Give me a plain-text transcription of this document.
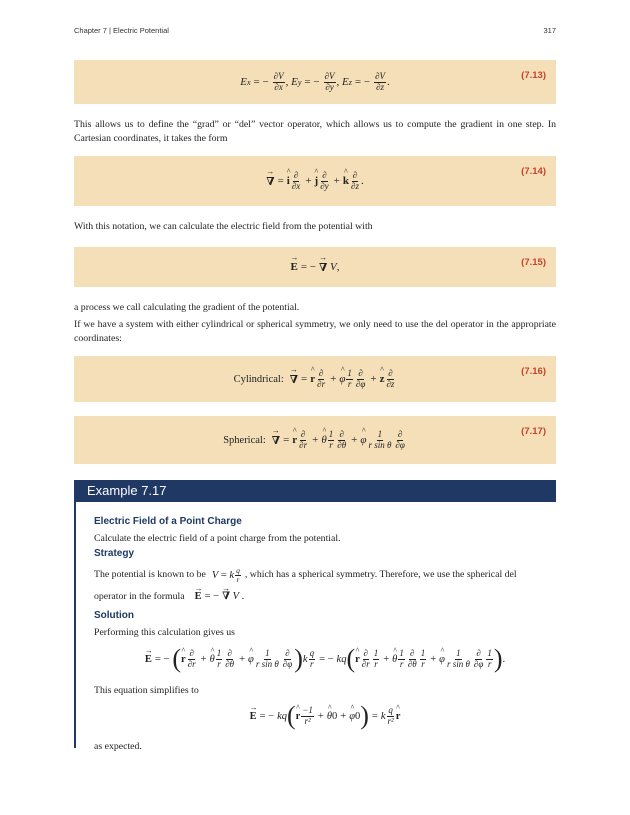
Chapter 7 | Electric Potential	317
E x = − $\frac{\partial V}{\partial x}$ , E y = − $\frac{\partial V}{\partial y}$ , E z = − $\frac{\partial V}{\partial z}$ .
(7.13)
This allows us to define the “grad” or “del” vector operator, which allows us to compute the gradient in one step. In Cartesian coordinates, it takes the form
→ ∇ = ^ i $\frac{\partial}{\partial x}$ + ^ j $\frac{\partial}{\partial y}$ + ^ k $\frac{\partial}{\partial z}$ .
(7.14)
With this notation, we can calculate the electric field from the potential with
→ E = − → ∇
V ,	(7.15)
a process we call calculating the gradient of the potential.
If we have a system with either cylindrical or spherical symmetry, we only need to use the del operator in the appropriate coordinates:
Cylindrical: → ∇ = ^ r $\frac{\partial}{\partial r}$ + ^ φ $\frac{1}{r} \frac{\partial}{\partial\varphi}$ + ^ z $\frac{\partial}{\partial z}$	(7.16)
Spherical: → ∇ = ^ r $\frac{\partial}{\partial r}$ + ^ θ $\frac{1}{r} \frac{\partial}{\partial\theta}$ + ^ φ $\frac{1}{\text{r sin θ}} \frac{\partial}{\partial\varphi}$	(7.17)
Example 7.17
Electric Field of a Point Charge
Calculate the electric field of a point charge from the potential.
Strategy
The potential is known to be V = k $\frac{q}{r}$ , which has a spherical symmetry. Therefore, we use the spherical del
operator in the formula → E = − → ∇ V .
Solution
Performing this calculation gives us
→ E = − ( ^ r $\frac{\partial}{\partial r}$ + ^ θ $\frac{1}{r} \frac{\partial}{\partial\theta}$ + ^ φ $\frac{1}{\text{r sin θ}} \frac{\partial}{\partial\varphi}$ ) k $\frac{q}{r}$ = − kq ( ^ r $\frac{\partial}{\partial r} \frac{1}{r}$ + ^ θ $\frac{1}{r} \frac{\partial}{\partial\theta} \frac{1}{r}$ + ^ φ $\frac{1}{\text{r sin θ}} \frac{\partial}{\partial\varphi} \frac{1}{r}$ ) .
This equation simplifies to
→ E = − kq ( ^ r $\frac{-1}{\text{r²}}$ + ^ θ 0 + ^ φ 0 ) = k $\frac{q}{\text{r²}}$ ^ r
as expected.
